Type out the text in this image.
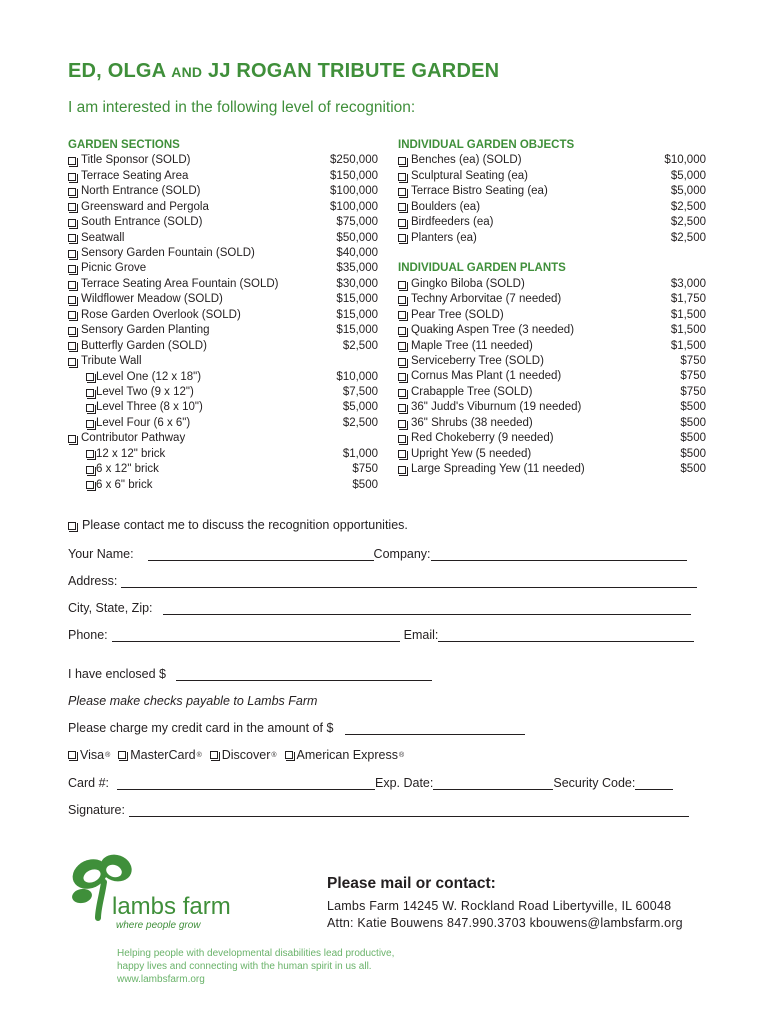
ED, OLGA AND JJ ROGAN TRIBUTE GARDEN
I am interested in the following level of recognition:
GARDEN SECTIONS
Title Sponsor (SOLD)	$250,000
Terrace Seating Area	$150,000
North Entrance (SOLD)	$100,000
Greensward and Pergola	$100,000
South Entrance (SOLD)	$75,000
Seatwall	$50,000
Sensory Garden Fountain (SOLD)	$40,000
Picnic Grove	$35,000
Terrace Seating Area Fountain (SOLD)	$30,000
Wildflower Meadow (SOLD)	$15,000
Rose Garden Overlook (SOLD)	$15,000
Sensory Garden Planting	$15,000
Butterfly Garden (SOLD)	$2,500
Tribute Wall
Level One (12 x 18")	$10,000
Level Two (9 x 12")	$7,500
Level Three (8 x 10")	$5,000
Level Four (6 x 6")	$2,500
Contributor Pathway
12 x 12" brick	$1,000
6 x 12" brick	$750
6 x 6" brick	$500
INDIVIDUAL GARDEN OBJECTS
Benches (ea) (SOLD)	$10,000
Sculptural Seating (ea)	$5,000
Terrace Bistro Seating (ea)	$5,000
Boulders (ea)	$2,500
Birdfeeders (ea)	$2,500
Planters (ea)	$2,500
INDIVIDUAL GARDEN PLANTS
Gingko Biloba (SOLD)	$3,000
Techny Arborvitae (7 needed)	$1,750
Pear Tree (SOLD)	$1,500
Quaking Aspen Tree (3 needed)	$1,500
Maple Tree (11 needed)	$1,500
Serviceberry Tree (SOLD)	$750
Cornus Mas Plant (1 needed)	$750
Crabapple Tree (SOLD)	$750
36" Judd's Viburnum (19 needed)	$500
36" Shrubs (38 needed)	$500
Red Chokeberry (9 needed)	$500
Upright Yew (5 needed)	$500
Large Spreading Yew (11 needed)	$500
Please contact me to discuss the recognition opportunities.
Your Name:	Company:
Address:
City, State, Zip:
Phone:	Email:
I have enclosed $
Please make checks payable to Lambs Farm
Please charge my credit card in the amount of $
Visa ® MasterCard ® Discover ® American Express ®
Card #:	Exp. Date:	Security Code:
Signature:
lambs farm
where people grow
Please mail or contact:
Lambs Farm 14245 W. Rockland Road Libertyville, IL 60048
Attn: Katie Bouwens 847.990.3703 kbouwens@lambsfarm.org
Helping people with developmental disabilities lead productive,
happy lives and connecting with the human spirit in us all.
www.lambsfarm.org
